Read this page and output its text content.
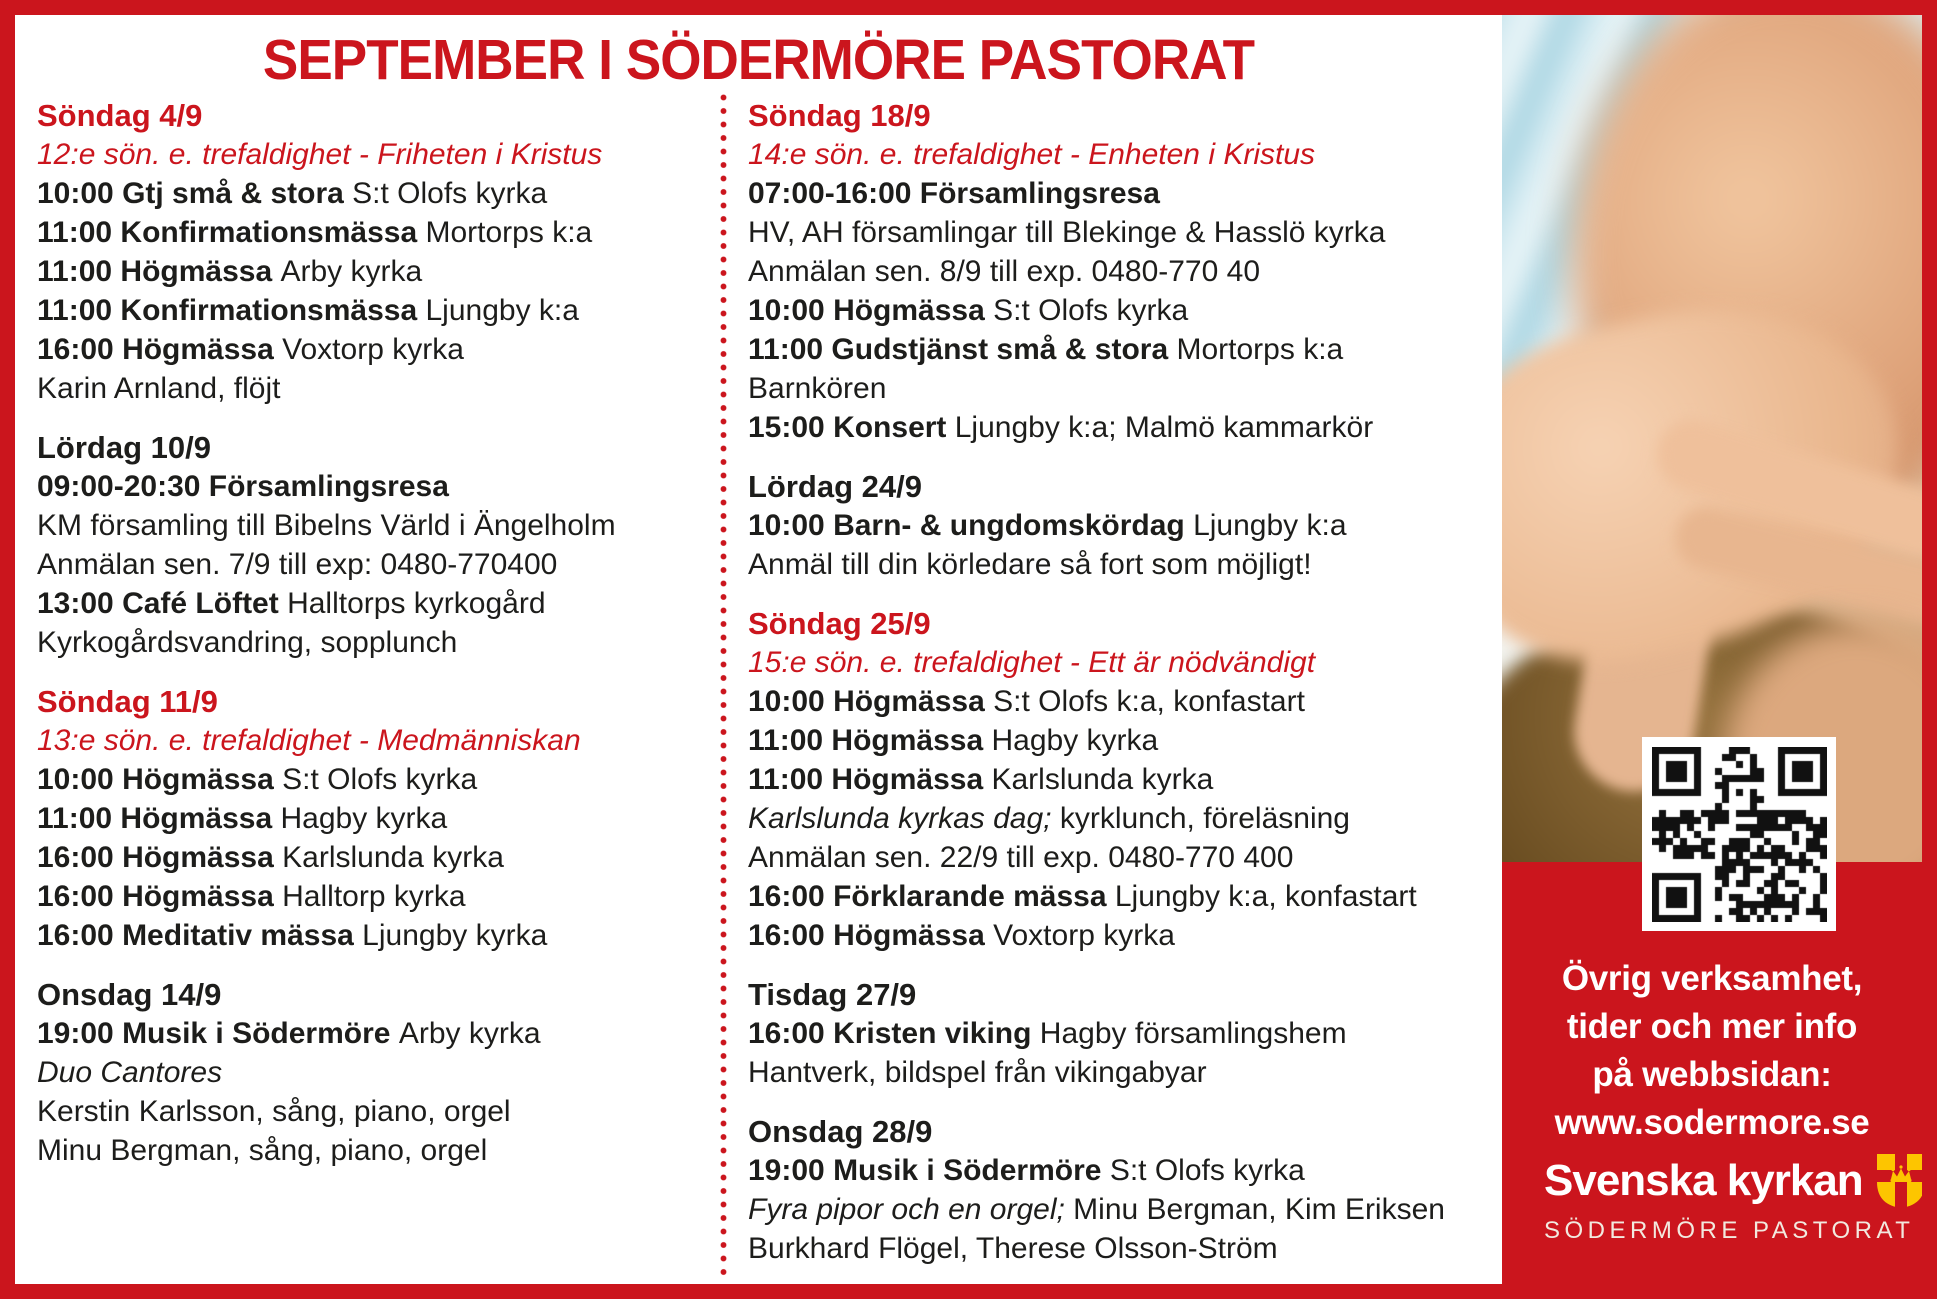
SEPTEMBER I SÖDERMÖRE PASTORAT
Söndag 4/9
12:e sön. e. trefaldighet - Friheten i Kristus
10:00 Gtj små & stora S:t Olofs kyrka
11:00 Konfirmationsmässa Mortorps k:a
11:00 Högmässa Arby kyrka
11:00 Konfirmationsmässa Ljungby k:a
16:00 Högmässa Voxtorp kyrka
Karin Arnland, flöjt
Lördag 10/9
09:00-20:30 Församlingsresa
KM församling till Bibelns Värld i Ängelholm
Anmälan sen. 7/9 till exp: 0480-770400
13:00 Café Löftet Halltorps kyrkogård
Kyrkogårdsvandring, sopplunch
Söndag 11/9
13:e sön. e. trefaldighet - Medmänniskan
10:00 Högmässa S:t Olofs kyrka
11:00 Högmässa Hagby kyrka
16:00 Högmässa Karlslunda kyrka
16:00 Högmässa Halltorp kyrka
16:00 Meditativ mässa Ljungby kyrka
Onsdag 14/9
19:00 Musik i Södermöre Arby kyrka
Duo Cantores
Kerstin Karlsson, sång, piano, orgel
Minu Bergman, sång, piano, orgel
Söndag 18/9
14:e sön. e. trefaldighet - Enheten i Kristus
07:00-16:00 Församlingsresa
HV, AH församlingar till Blekinge & Hasslö kyrka
Anmälan sen. 8/9 till exp. 0480-770 40
10:00 Högmässa S:t Olofs kyrka
11:00 Gudstjänst små & stora Mortorps k:a
Barnkören
15:00 Konsert Ljungby k:a; Malmö kammarkör
Lördag 24/9
10:00 Barn- & ungdomskördag Ljungby k:a
Anmäl till din körledare så fort som möjligt!
Söndag 25/9
15:e sön. e. trefaldighet - Ett är nödvändigt
10:00 Högmässa S:t Olofs k:a, konfastart
11:00 Högmässa Hagby kyrka
11:00 Högmässa Karlslunda kyrka
Karlslunda kyrkas dag; kyrklunch, föreläsning
Anmälan sen. 22/9 till exp. 0480-770 400
16:00 Förklarande mässa Ljungby k:a, konfastart
16:00 Högmässa Voxtorp kyrka
Tisdag 27/9
16:00 Kristen viking Hagby församlingshem
Hantverk, bildspel från vikingabyar
Onsdag 28/9
19:00 Musik i Södermöre S:t Olofs kyrka
Fyra pipor och en orgel; Minu Bergman, Kim Eriksen
Burkhard Flögel, Therese Olsson-Ström
Övrig verksamhet,
tider och mer info
på webbsidan:
www.sodermore.se
Svenska kyrkan
SÖDERMÖRE PASTORAT
